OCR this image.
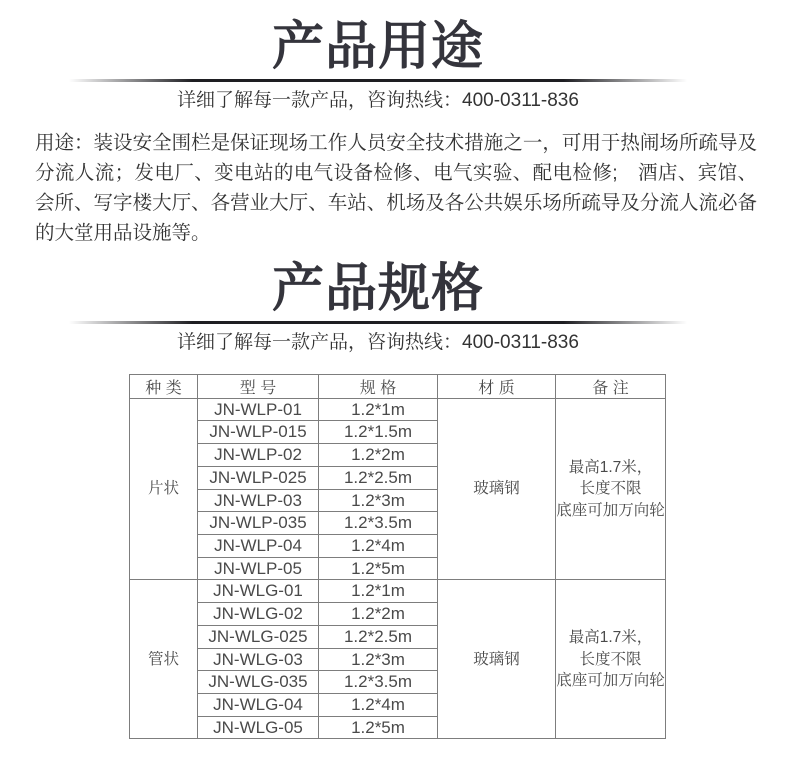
产品用途

详细了解每一款产品，咨询热线：400-0311-836

用途：装设安全围栏是保证现场工作人员安全技术措施之一，可用于热闹场所疏导及分流人流；发电厂、变电站的电气设备检修、电气实验、配电检修;　酒店、宾馆、会所、写字楼大厅、各营业大厅、车站、机场及各公共娱乐场所疏导及分流人流必备的大堂用品设施等。

产品规格

详细了解每一款产品，咨询热线：400-0311-836

种 类	型 号	规 格	材 质	备 注
片状	JN-WLP-01	1.2*1m	玻璃钢	最高1.7米，
长度不限
底座可加万向轮

	JN-WLP-015	1.2*1.5m		
	JN-WLP-02	1.2*2m		
	JN-WLP-025	1.2*2.5m		
	JN-WLP-03	1.2*3m		
	JN-WLP-035	1.2*3.5m		
	JN-WLP-04	1.2*4m		
	JN-WLP-05	1.2*5m		
管状	JN-WLG-01	1.2*1m	玻璃钢	最高1.7米，
长度不限
底座可加万向轮

	JN-WLG-02	1.2*2m		
	JN-WLG-025	1.2*2.5m		
	JN-WLG-03	1.2*3m		
	JN-WLG-035	1.2*3.5m		
	JN-WLG-04	1.2*4m		
	JN-WLG-05	1.2*5m		
